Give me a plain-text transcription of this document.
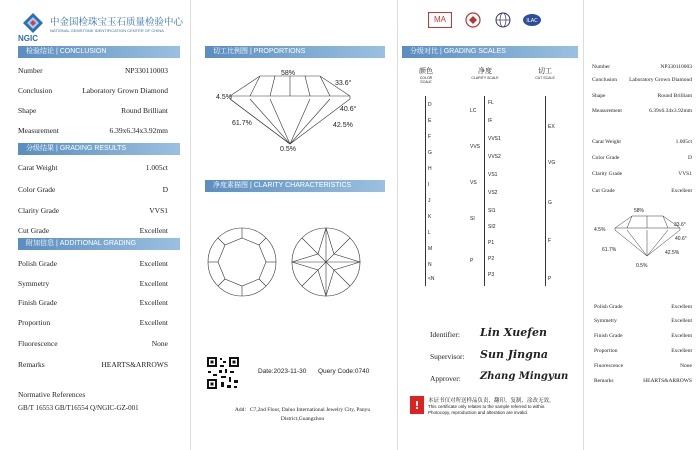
NGIC
中金国检珠宝玉石质量检验中心
NATIONAL GEMSTONE IDENTIFICATION CENTER OF CHINA
检验结论 | CONCLUSION
Number	NP330110003
Conclusion	Laboratory Grown Diamond
Shape	Round Brilliant
Measurement	6.39x6.34x3.92mm
分级结果 | GRADING RESULTS
Carat Weight	1.005ct
Color Grade	D
Clarity Grade	VVS1
Cut Grade	Excellent
附加信息 | ADDITIONAL GRADING INFORMATION
Polish Grade	Excellent
Symmetry	Excellent
Finish Grade	Excellent
Proportion	Excellent
Fluorescence	None
Remarks	HEARTS&ARROWS
Normative References
GB/T 16553 GB/T16554 Q/NGIC-GZ-001
切工比例图 | PROPORTIONS
58%
33.6°
4.5%
40.6°
61.7%	42.5%
0.5%
净度素描图 | CLARITY CHARACTERISTICS
Date:2023-11-30 Query Code:0740
Add：C7,2nd Floor, Daluo International Jewelry City, Panyu District,Guangzhou
MA	ILAC
分级对比 | GRADING SCALES
颜色
COLOR SCALE
净度
CLARITY SCALE
切工
CUT SCALE
D
E
F
G
H
I
J
K
L
M
N
<N
LC
VVS
VS
SI
P
FL
IF
VVS1
VVS2
VS1
VS2
SI1
SI2
P1
P2
P3
EX
VG
G
F
P
Identifier: Lin Xuefen
Supervisor: Sun Jingna
Approver: Zhang Mingyun
! 本证书仅对所送样品负责，翻印、复制、涂改无效。
This certificate only relates to the sample referred to within. Photocopy, reproduction and alteration are invalid.
Number	NP330110003
Conclusion Laboratory Grown Diamond
Shape	Round Brilliant
Measurement	6.39x6.34x3.92mm
Carat Weight	1.005ct
Color Grade	D
Clarity Grade	VVS1
Cut Grade	Excellent
58%
33.6°
4.5%
40.6°
61.7%	42.5%
0.5%
Polish Grade	Excellent
Symmetry	Excellent
Finish Grade	Excellent
Proportion	Excellent
Fluorescence	None
Remarks	HEARTS&ARROWS
